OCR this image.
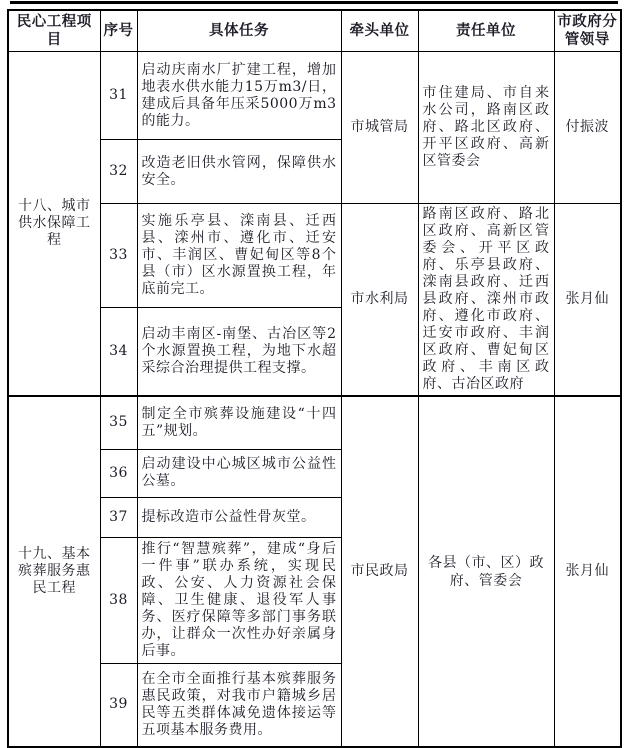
民心工程项目	序号	具体任务	牵头单位	责任单位	市政府分管领导
十八、城市供水保障工程	31	启动庆南水厂扩建工程，增加地表水供水能力15万m3/日，建成后具备年压采5000万m3的能力。	市城管局	市住建局、市自来水公司，路南区政府、路北区政府、开平区政府、高新区管委会	付振波
	32	改造老旧供水管网，保障供水安全。			
	33	实施乐亭县、滦南县、迁西县、滦州市、遵化市、迁安市、丰润区、曹妃甸区等8个县（市）区水源置换工程，年底前完工。	市水利局	路南区政府、路北区政府、高新区管委会、开平区政府、乐亭县政府、滦南县政府、迁西县政府、滦州市政府、遵化市政府、迁安市政府、丰润区政府、曹妃甸区政府、丰南区政府、古冶区政府	张月仙
	34	启动丰南区-南堡、古冶区等2个水源置换工程，为地下水超采综合治理提供工程支撑。			
十九、基本殡葬服务惠民工程	35	制定全市殡葬设施建设“十四五”规划。	市民政局	各县（市、区）政府、管委会	张月仙
	36	启动建设中心城区城市公益性公墓。			
	37	提标改造市公益性骨灰堂。			
	38	推行“智慧殡葬”，建成“身后一件事”联办系统，实现民政、公安、人力资源社会保障、卫生健康、退役军人事务、医疗保障等多部门事务联办，让群众一次性办好亲属身后事。			
	39	在全市全面推行基本殡葬服务惠民政策，对我市户籍城乡居民等五类群体减免遗体接运等五项基本服务费用。			
